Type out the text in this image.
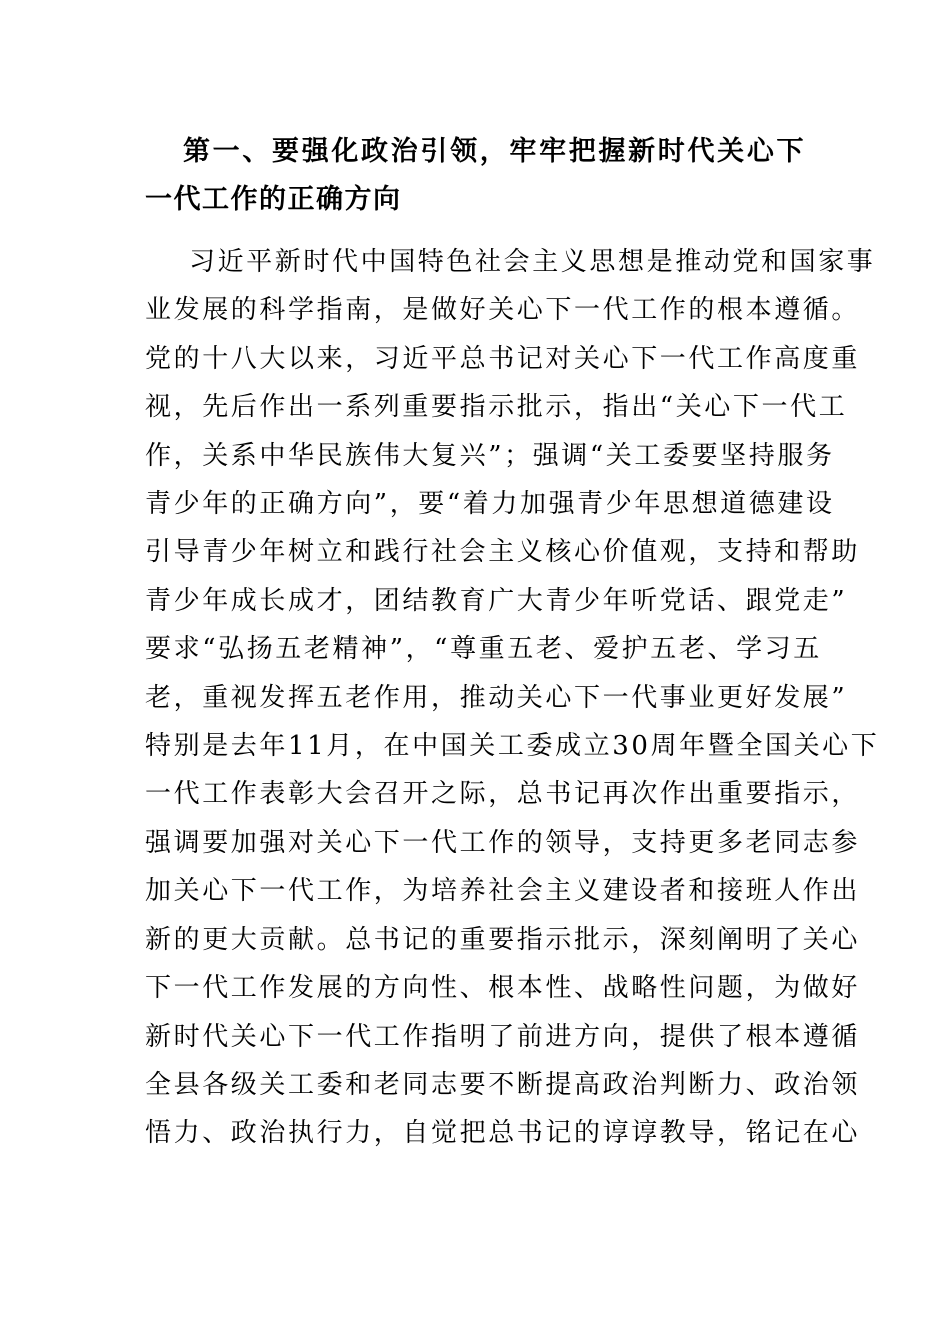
第一、要强化政治引领，牢牢把握新时代关心下一代工作的正确方向

习近平新时代中国特色社会主义思想是推动党和国家事
业发展的科学指南，是做好关心下一代工作的根本遵循。
党的十八大以来，习近平总书记对关心下一代工作高度重
视，先后作出一系列重要指示批示，指出“关心下一代工
作，关系中华民族伟大复兴”；强调“关工委要坚持服务
青少年的正确方向”，要“着力加强青少年思想道德建设
引导青少年树立和践行社会主义核心价值观，支持和帮助
青少年成长成才，团结教育广大青少年听党话、跟党走”
要求“弘扬五老精神”，“尊重五老、爱护五老、学习五
老，重视发挥五老作用，推动关心下一代事业更好发展”
特别是去年11月，在中国关工委成立30周年暨全国关心下
一代工作表彰大会召开之际，总书记再次作出重要指示，
强调要加强对关心下一代工作的领导，支持更多老同志参
加关心下一代工作，为培养社会主义建设者和接班人作出
新的更大贡献。总书记的重要指示批示，深刻阐明了关心
下一代工作发展的方向性、根本性、战略性问题，为做好
新时代关心下一代工作指明了前进方向，提供了根本遵循
全县各级关工委和老同志要不断提高政治判断力、政治领
悟力、政治执行力，自觉把总书记的谆谆教导，铭记在心
